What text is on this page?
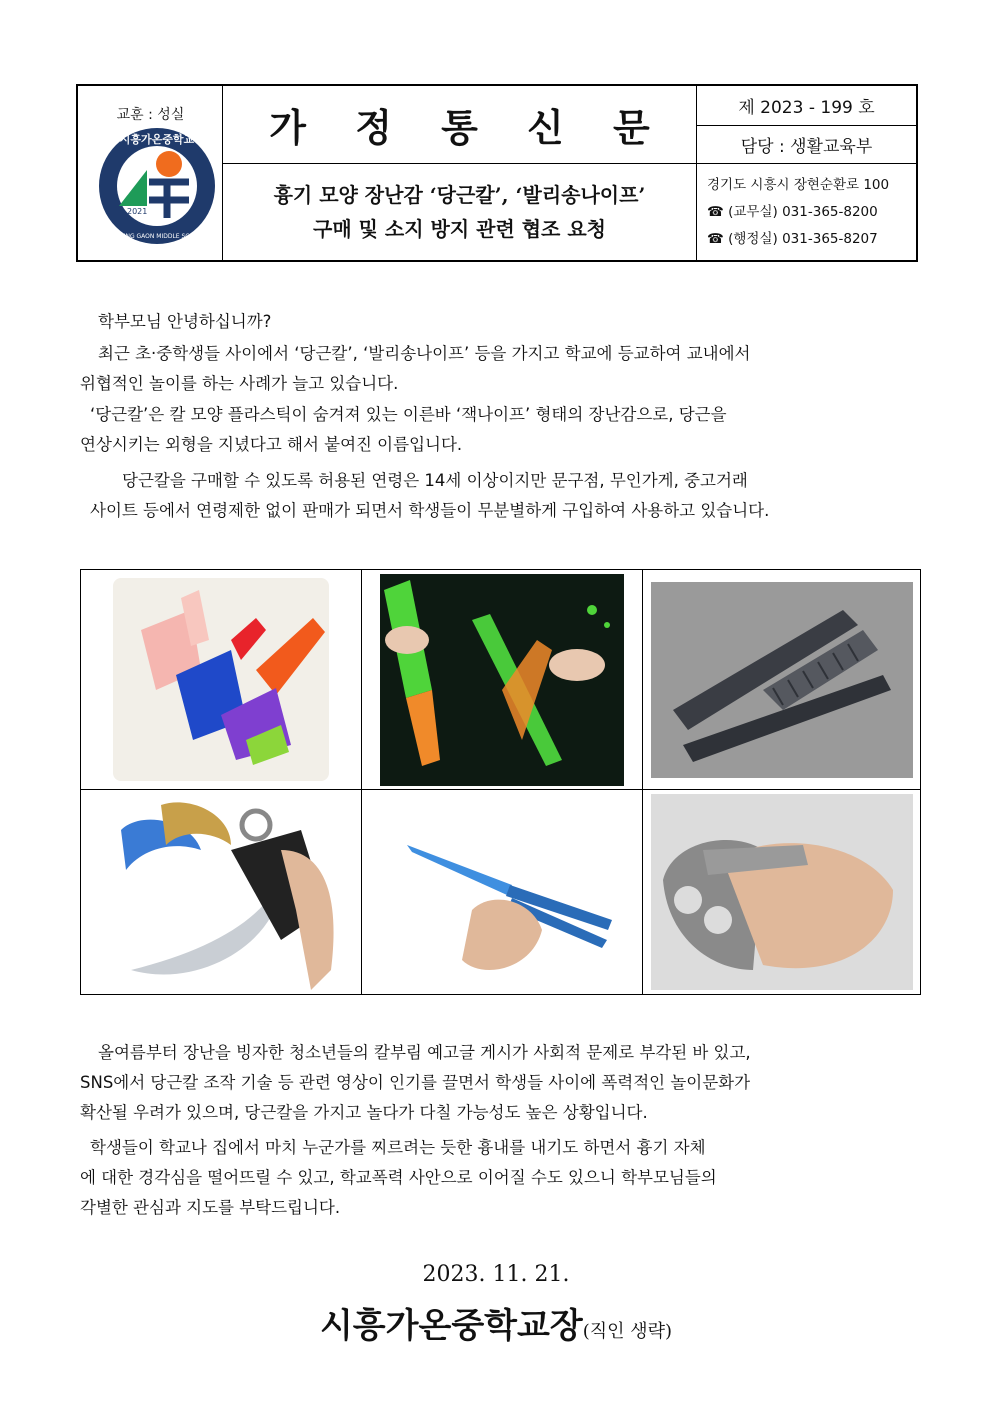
교훈 : 성실
시흥가온중학교
2021
SIHEUNG GAON MIDDLE SCHOOL
가 정 통 신 문
흉기 모양 장난감 ‘당근칼’, ‘발리송나이프’
구매 및 소지 방지 관련 협조 요청
제 2023 - 199 호
담당 : 생활교육부
경기도 시흥시 장현순환로 100
☎ (교무실) 031-365-8200
☎ (행정실) 031-365-8207
학부모님 안녕하십니까?
최근 초·중학생들 사이에서 ‘당근칼’, ‘발리송나이프’ 등을 가지고 학교에 등교하여 교내에서
위협적인 놀이를 하는 사례가 늘고 있습니다.
‘당근칼’은 칼 모양 플라스틱이 숨겨져 있는 이른바 ‘잭나이프’ 형태의 장난감으로, 당근을
연상시키는 외형을 지녔다고 해서 붙여진 이름입니다.
당근칼을 구매할 수 있도록 허용된 연령은 14세 이상이지만 문구점, 무인가게, 중고거래
사이트 등에서 연령제한 없이 판매가 되면서 학생들이 무분별하게 구입하여 사용하고 있습니다.
올여름부터 장난을 빙자한 청소년들의 칼부림 예고글 게시가 사회적 문제로 부각된 바 있고,
SNS에서 당근칼 조작 기술 등 관련 영상이 인기를 끌면서 학생들 사이에 폭력적인 놀이문화가
확산될 우려가 있으며, 당근칼을 가지고 놀다가 다칠 가능성도 높은 상황입니다.
학생들이 학교나 집에서 마치 누군가를 찌르려는 듯한 흉내를 내기도 하면서 흉기 자체
에 대한 경각심을 떨어뜨릴 수 있고, 학교폭력 사안으로 이어질 수도 있으니 학부모님들의
각별한 관심과 지도를 부탁드립니다.
2023. 11. 21.
시흥가온중학교장(직인 생략)
